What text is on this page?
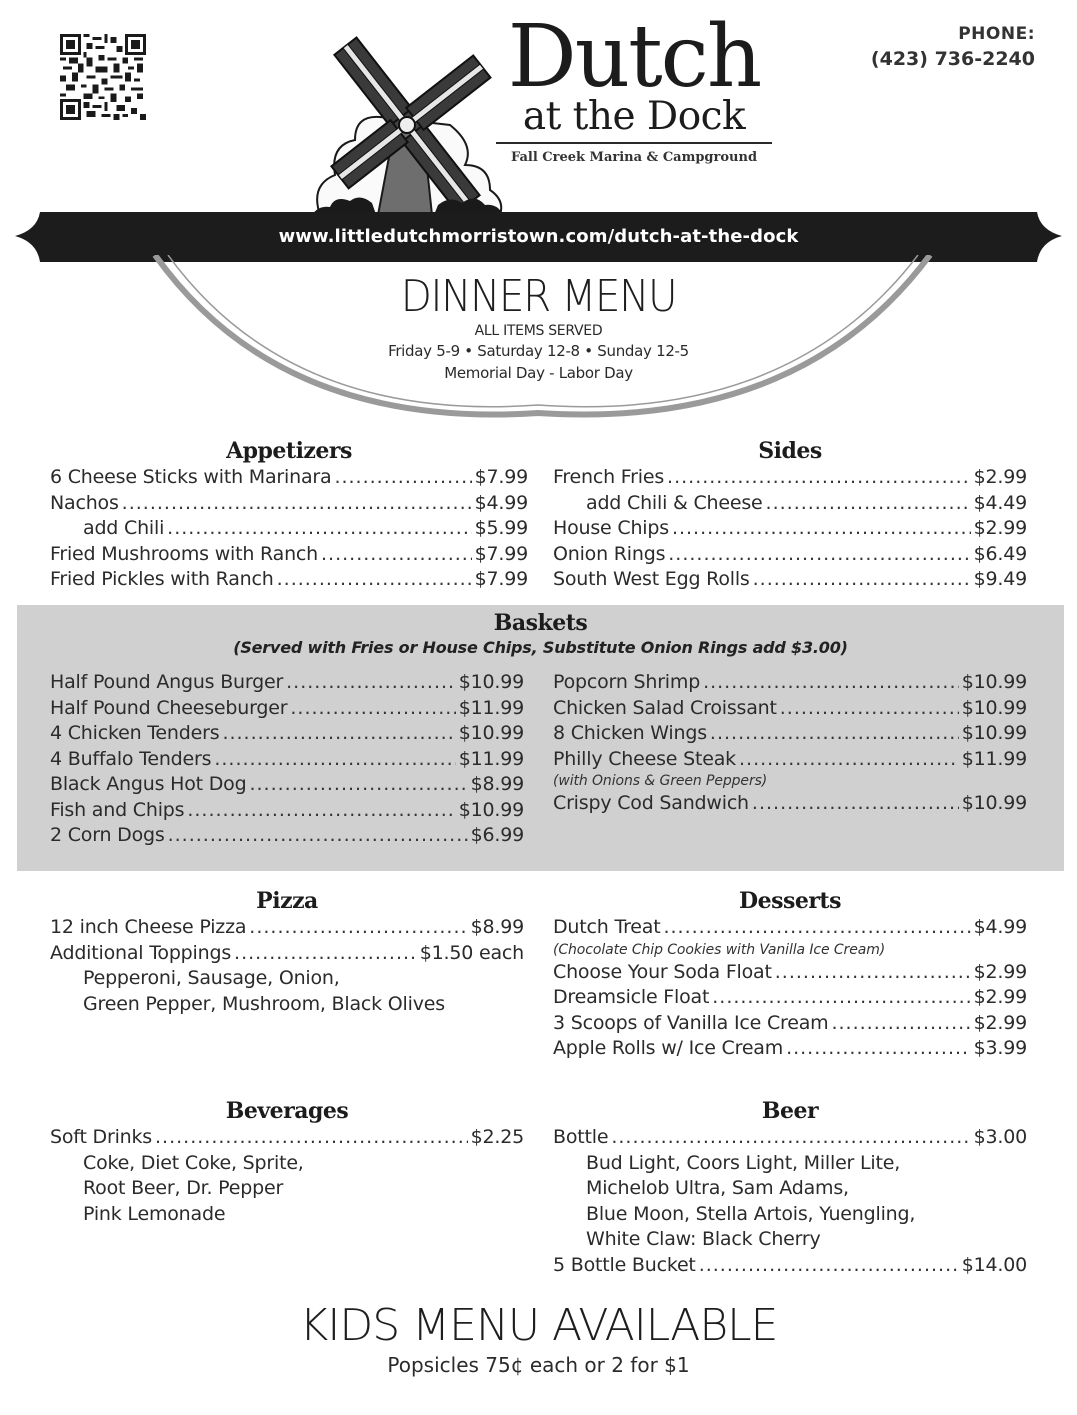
PHONE:
(423) 736-2240
Dutch
at the Dock
Fall Creek Marina & Campground
www.littledutchmorristown.com/dutch-at-the-dock
DINNER MENU
ALL ITEMS SERVED
Friday 5-9 • Saturday 12-8 • Sunday 12-5
Memorial Day - Labor Day
Appetizers
6 Cheese Sticks with Marinara .....	$7.99
Nachos .....	$4.99
add Chili .....	$5.99
Fried Mushrooms with Ranch .....	$7.99
Fried Pickles with Ranch .....	$7.99
Sides
French Fries .....	$2.99
add Chili & Cheese .....	$4.49
House Chips .....	$2.99
Onion Rings .....	$6.49
South West Egg Rolls .....	$9.49
Baskets
(Served with Fries or House Chips, Substitute Onion Rings add $3.00)
Half Pound Angus Burger .....	$10.99
Half Pound Cheeseburger .....	$11.99
4 Chicken Tenders .....	$10.99
4 Buffalo Tenders .....	$11.99
Black Angus Hot Dog .....	$8.99
Fish and Chips .....	$10.99
2 Corn Dogs .....	$6.99
Popcorn Shrimp .....	$10.99
Chicken Salad Croissant .....	$10.99
8 Chicken Wings .....	$10.99
Philly Cheese Steak .....	$11.99
(with Onions & Green Peppers)
Crispy Cod Sandwich .....	$10.99
Pizza
12 inch Cheese Pizza .....	$8.99
Additional Toppings .....	$1.50 each
Pepperoni, Sausage, Onion,
Green Pepper, Mushroom, Black Olives
Desserts
Dutch Treat .....	$4.99
(Chocolate Chip Cookies with Vanilla Ice Cream)
Choose Your Soda Float .....	$2.99
Dreamsicle Float .....	$2.99
3 Scoops of Vanilla Ice Cream .....	$2.99
Apple Rolls w/ Ice Cream .....	$3.99
Beverages
Soft Drinks .....	$2.25
Coke, Diet Coke, Sprite,
Root Beer, Dr. Pepper
Pink Lemonade
Beer
Bottle .....	$3.00
Bud Light, Coors Light, Miller Lite,
Michelob Ultra, Sam Adams,
Blue Moon, Stella Artois, Yuengling,
White Claw: Black Cherry
5 Bottle Bucket .....	$14.00
KIDS MENU AVAILABLE
Popsicles 75¢ each or 2 for $1
